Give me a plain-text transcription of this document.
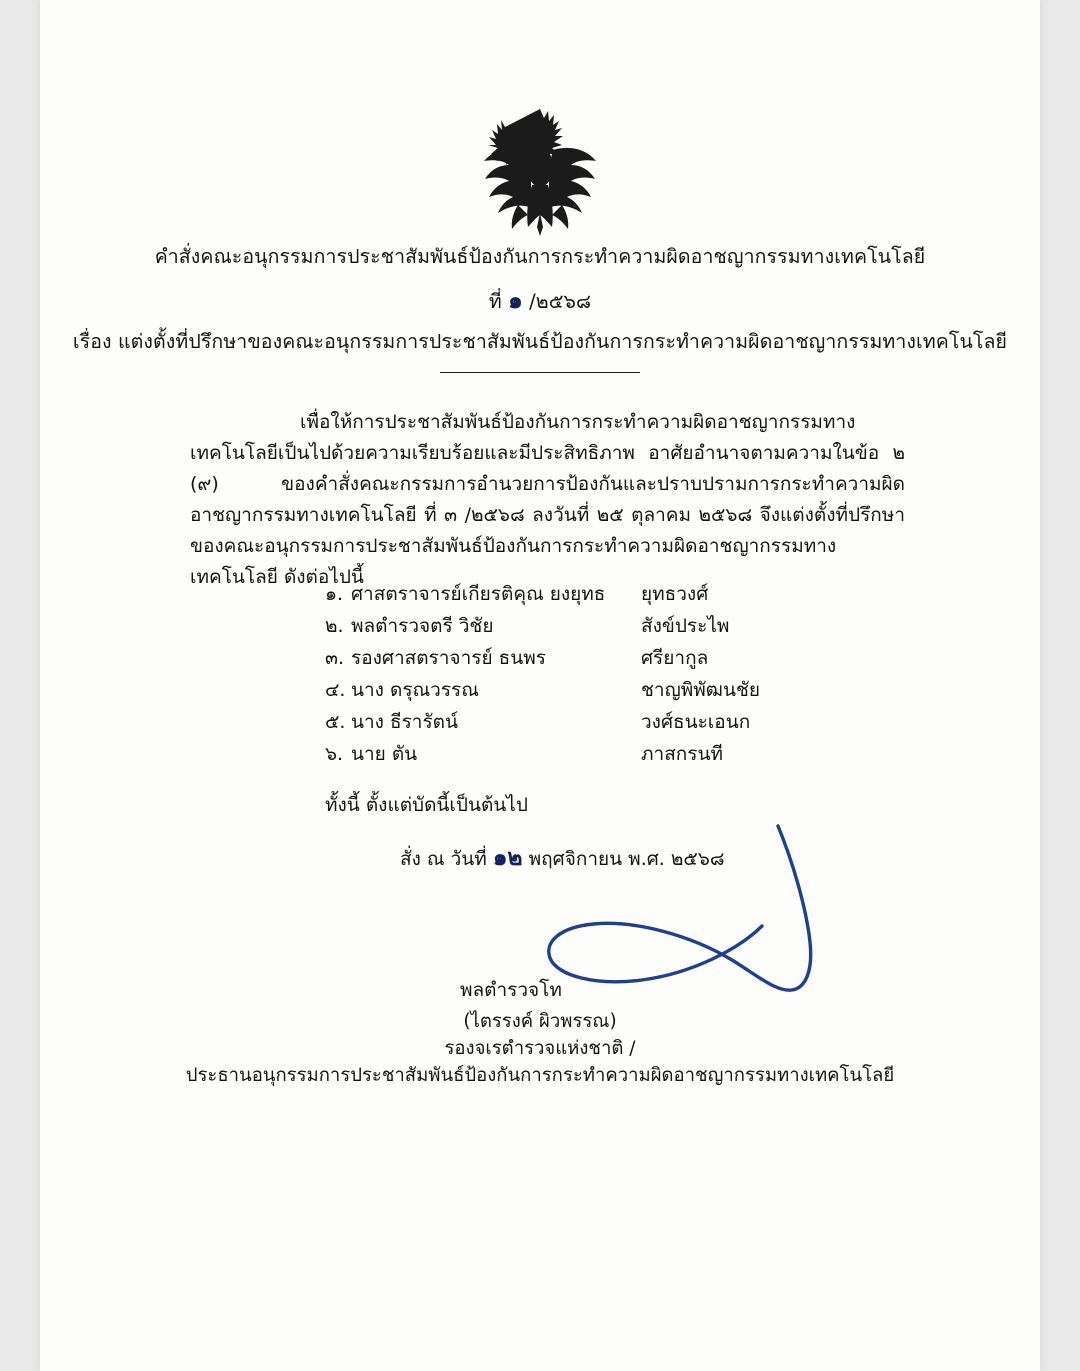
คำสั่งคณะอนุกรรมการประชาสัมพันธ์ป้องกันการกระทำความผิดอาชญากรรมทางเทคโนโลยี
ที่ ๑ /๒๕๖๘
เรื่อง แต่งตั้งที่ปรึกษาของคณะอนุกรรมการประชาสัมพันธ์ป้องกันการกระทำความผิดอาชญากรรมทางเทคโนโลยี
เพื่อให้การประชาสัมพันธ์ป้องกันการกระทำความผิดอาชญากรรมทางเทคโนโลยีเป็นไปด้วยความเรียบร้อยและมีประสิทธิภาพ อาศัยอำนาจตามความในข้อ ๒ (๙) ของคำสั่งคณะกรรมการอำนวยการป้องกันและปราบปรามการกระทำความผิดอาชญากรรมทางเทคโนโลยี ที่ ๓ /๒๕๖๘ ลงวันที่ ๒๕ ตุลาคม ๒๕๖๘ จึงแต่งตั้งที่ปรึกษาของคณะอนุกรรมการประชาสัมพันธ์ป้องกันการกระทำความผิดอาชญากรรมทางเทคโนโลยี ดังต่อไปนี้
๑. ศาสตราจารย์เกียรติคุณ ยงยุทธ	ยุทธวงศ์
๒. พลตำรวจตรี วิชัย	สังข์ประไพ
๓. รองศาสตราจารย์ ธนพร	ศรียากูล
๔. นาง ดรุณวรรณ	ชาญพิพัฒนชัย
๕. นาง ธีรารัตน์	วงศ์ธนะเอนก
๖. นาย ตัน	ภาสกรนที
ทั้งนี้ ตั้งแต่บัดนี้เป็นต้นไป
สั่ง ณ วันที่ ๑๒ พฤศจิกายน พ.ศ. ๒๕๖๘
พลตำรวจโท
(ไตรรงค์ ผิวพรรณ)
รองจเรตำรวจแห่งชาติ /
ประธานอนุกรรมการประชาสัมพันธ์ป้องกันการกระทำความผิดอาชญากรรมทางเทคโนโลยี
